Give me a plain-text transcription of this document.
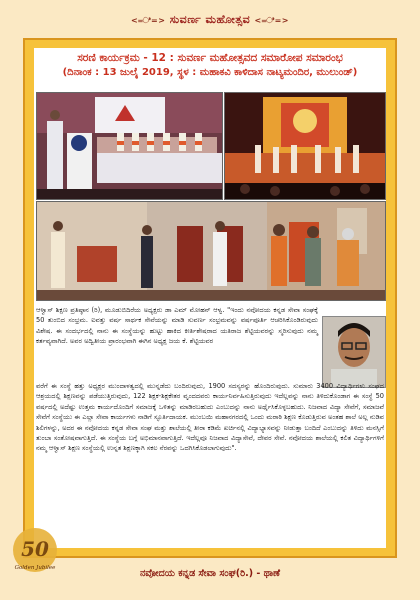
<=ಿ=> ಸುವರ್ಣ ಮಹೋತ್ಸವ <=ಿ=>
ಸರಣಿ ಕಾರ್ಯಕ್ರಮ - 12 : ಸುವರ್ಣ ಮಹೋತ್ಸವದ ಸಮಾರೋಪ ಸಮಾರಂಭ
(ದಿನಾಂಕ : 13 ಜುಲೈ 2019, ಸ್ಥಳ : ಮಹಾಕವಿ ಕಾಳಿದಾಸ ನಾಟ್ಯಮಂದಿರ, ಮುಲುಂಡ್)
ಆಳ್ವಾಸ್ ಶಿಕ್ಷಣ ಪ್ರತಿಷ್ಠಾನ (ರಿ), ಮೂಡುಬಿದಿರೆಯ ಅಧ್ಯಕ್ಷರು ಡಾ ಎಮ್ ಮೋಹನ್ ಆಳ್ವ. "ಇಂದು ನವೋದಯ ಕನ್ನಡ ಸೇವಾ ಸಂಘಕ್ಕೆ 50 ತುಂಬಿದ ಸಂಭ್ರಮ. ಐವತ್ತು ವರ್ಷ ಸಾರ್ಥಕ ಸೇವೆಯನ್ನು ಮಾಡಿ ಸುವರ್ಣ ಸಂಭ್ರಮವನ್ನು ವರ್ಷಪೂರ್ತಿ ಆಚರಿಸಿಕೊಂಡಿರುವುದು ವಿಶೇಷ. ಈ ಸಂದರ್ಭದಲ್ಲಿ ನಾನು ಈ ಸಂಸ್ಥೆಯನ್ನು ಹುಟ್ಟು ಹಾಕಿದ ಕೀರ್ತಿಶೇಷರಾದ ಯತಿರಾಜ ಶೆಟ್ಟಿಯವರನ್ನು ಸ್ಮರಿಸುವುದು ನಮ್ಮ ಕರ್ತವ್ಯವಾಗಿದೆ. ಅವರ ಅದ್ವಿತೀಯ ಪ್ರಾರಂಭವಾಗಿ ಈಗಿನ ಅಧ್ಯಕ್ಷ ಜಯ ಕೆ. ಶೆಟ್ಟಿಯವರ
ವರೆಗೆ ಈ ಸಂಸ್ಥೆ ಹತ್ತು ಅಧ್ಯಕ್ಷರ ಮುಂದಾಳತ್ವದಲ್ಲಿ ಮುನ್ನಡೆದು ಬಂದಿರುವುದು, 1900 ಸದಸ್ಯರನ್ನು ಹೊಂದಿರುವುದು. ಸುಮಾರು 3400 ವಿದ್ಯಾರ್ಥಿಗಳು ಸಂಘದ ಆಶ್ರಯದಲ್ಲಿ ಶಿಕ್ಷಣವನ್ನು ಪಡೆಯುತ್ತಿರುವುದು, 122 ಶಿಕ್ಷಕ-ಶಿಕ್ಷಕೇತರ ವೃಂದದವರು ಕಾರ್ಯನಿರ್ವಹಿಸುತ್ತಿರುವುದು ಇದೆಲ್ಲವನ್ನು ನಾನು ತಿಳಿದುಕೊಂಡಾಗ ಈ ಸಂಸ್ಥೆ 50 ವರ್ಷದಲ್ಲಿ ಅದೆಷ್ಟು ಉತ್ತಮ ಕಾರ್ಯದೊಂದಿಗೆ ಸಮಾಜಕ್ಕೆ ಒಳಿತನ್ನು ಮಾಡಿರಬಹುದು ಎಂಬುದನ್ನು ನಾನು ಅರ್ಥೈಸಿಕೊಳ್ಳಬಹುದು. ನಿಜವಾದ ವಿದ್ಯಾ ಸೇವೆಗೆ, ಸಮಾಜವೆ ಸೇವೆಗೆ ಸಂಸ್ಥೆಯು ಈ ಎಲ್ಲಾ ಸೇವಾ ಕಾರ್ಯಗಳು ನಾಡಿಗೆ ಸ್ಫೂರ್ತಿದಾಯಕ. ಮುಂಬಯಿ ಮಹಾನಗರದಲ್ಲಿ ಒಂದು ಮರಾಠಿ ಶಿಕ್ಷಣ ಕೊಡುತ್ತಿರುವ ಅಂತಹ ಶಾಲೆ ಅಲ್ಲ ನುಡಿವ ಶಿಲಿಗಳನ್ನು, ಅದರ ಈ ನವೋದಯ ಕನ್ನಡ ಸೇವಾ ಸಂಘ ಮತ್ತು ಶಾಲೆಯಲ್ಲಿ ತೀರಾ ಕಡಿಮೆ ಖರ್ಚಿನಲ್ಲಿ ವಿದ್ಯಾಭ್ಯಾಸವನ್ನು ನೀಡುತ್ತಾ ಬಂದಿದೆ ಎಂಬುದನ್ನು ತಿಳಿದು ಮನಸ್ಸಿಗೆ ತುಂಬಾ ಸಂತೋಷವಾಗುತ್ತಿದೆ. ಈ ಸಂಸ್ಥೆಯ ಬಗ್ಗೆ ಅಭಿಮಾನವಾಗುತ್ತಿದೆ. ಇದೆಲ್ಲವೂ ನಿಜವಾದ ವಿದ್ಯಾಸೇವೆ, ದೇವರ ಸೇವೆ. ನವೋದಯ ಶಾಲೆಯಲ್ಲಿ ಕಲಿತ ವಿದ್ಯಾರ್ಥಿಗಳಿಗೆ ನಮ್ಮ ಆಳ್ವಾಸ್ ಶಿಕ್ಷಣ ಸಂಸ್ಥೆಯಲ್ಲಿ ಉನ್ನತ ಶಿಕ್ಷಣಕ್ಕಾಗಿ ಸಕಲ ನೆರವನ್ನು ಒದಗಿಸಿಕೊಡಲಾಗುವುದು".
50
Golden Jubilee	ನವೋದಯ ಕನ್ನಡ ಸೇವಾ ಸಂಘ(ರಿ.) - ಥಾಣೆ
